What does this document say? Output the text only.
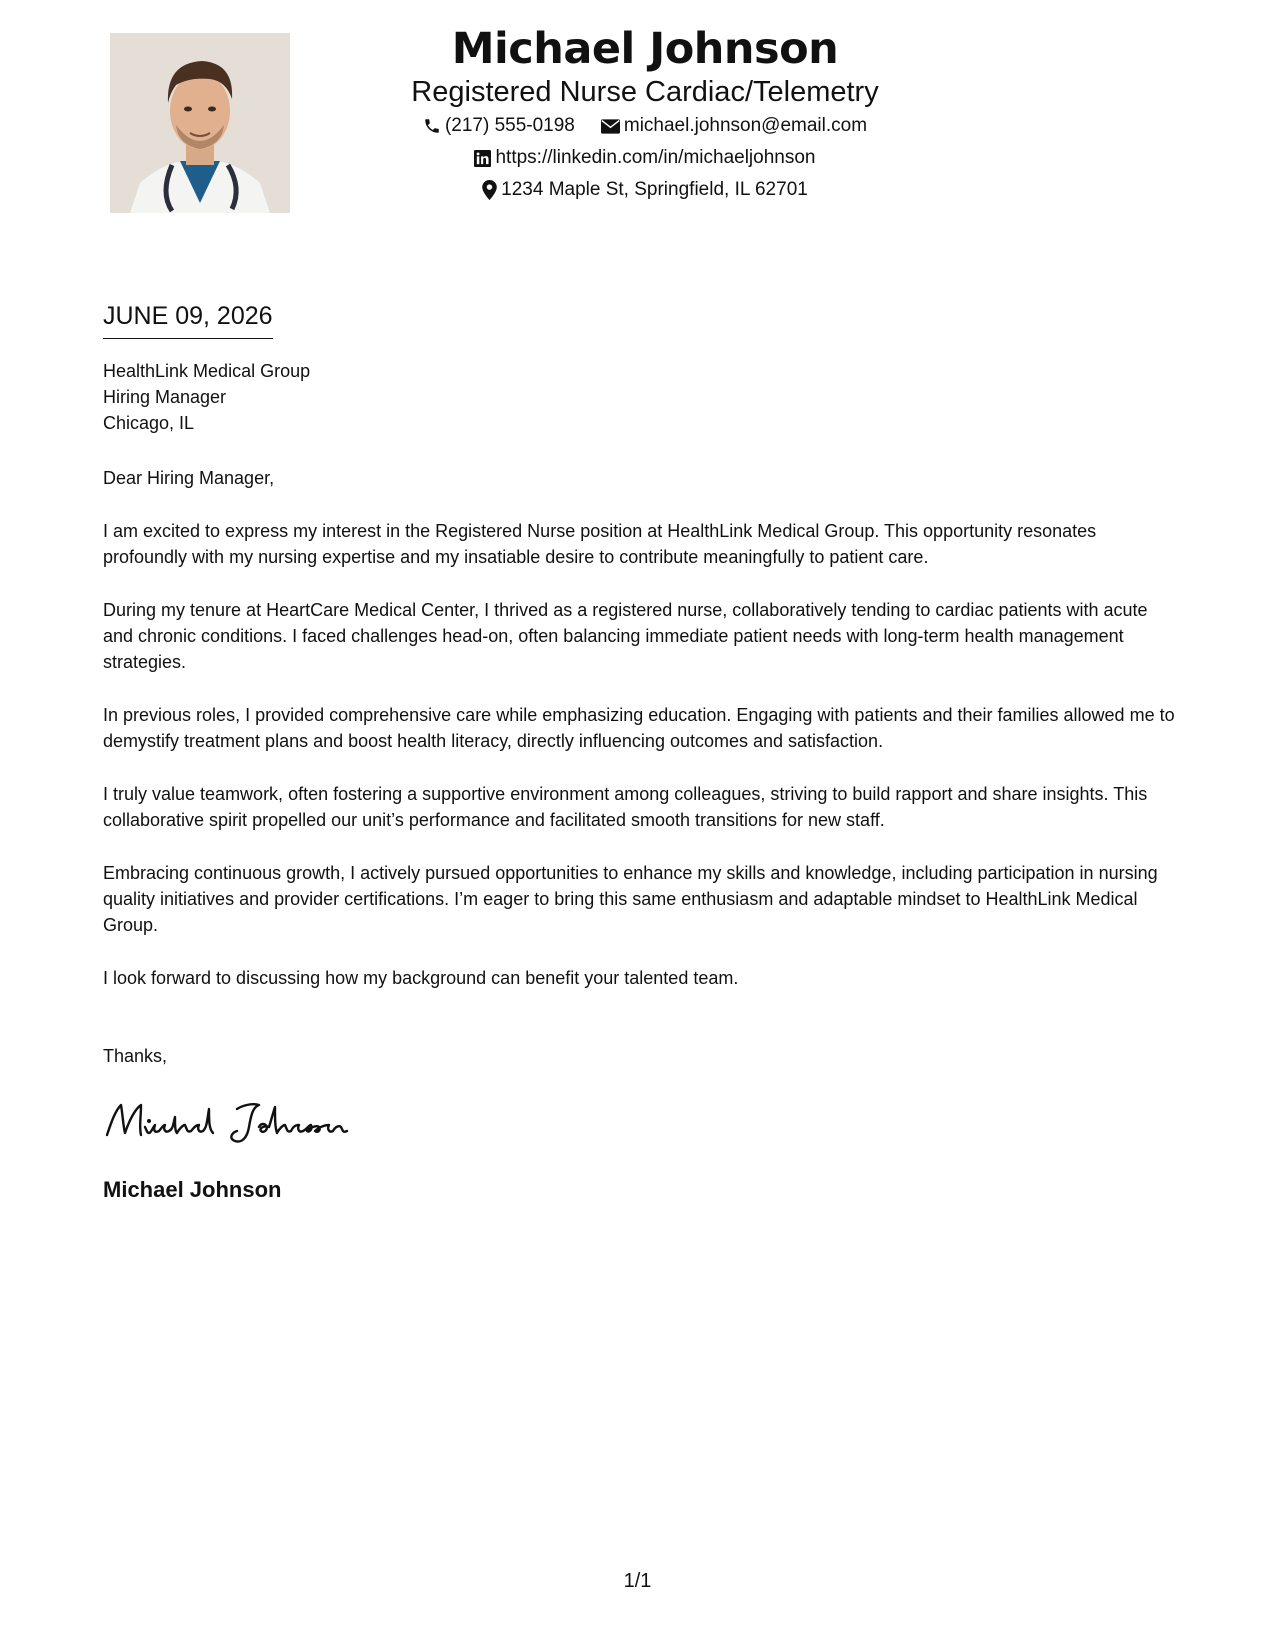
Michael Johnson
Registered Nurse Cardiac/Telemetry
(217) 555-0198	michael.johnson@email.com
https://linkedin.com/in/michaeljohnson
1234 Maple St, Springfield, IL 62701
JUNE 09, 2026
HealthLink Medical Group
Hiring Manager
Chicago, IL
Dear Hiring Manager,
I am excited to express my interest in the Registered Nurse position at HealthLink Medical Group. This opportunity resonates profoundly with my nursing expertise and my insatiable desire to contribute meaningfully to patient care.
During my tenure at HeartCare Medical Center, I thrived as a registered nurse, collaboratively tending to cardiac patients with acute and chronic conditions. I faced challenges head-on, often balancing immediate patient needs with long-term health management strategies.
In previous roles, I provided comprehensive care while emphasizing education. Engaging with patients and their families allowed me to demystify treatment plans and boost health literacy, directly influencing outcomes and satisfaction.
I truly value teamwork, often fostering a supportive environment among colleagues, striving to build rapport and share insights. This collaborative spirit propelled our unit’s performance and facilitated smooth transitions for new staff.
Embracing continuous growth, I actively pursued opportunities to enhance my skills and knowledge, including participation in nursing quality initiatives and provider certifications. I’m eager to bring this same enthusiasm and adaptable mindset to HealthLink Medical Group.
I look forward to discussing how my background can benefit your talented team.
Thanks,
Michael Johnson
1/1
